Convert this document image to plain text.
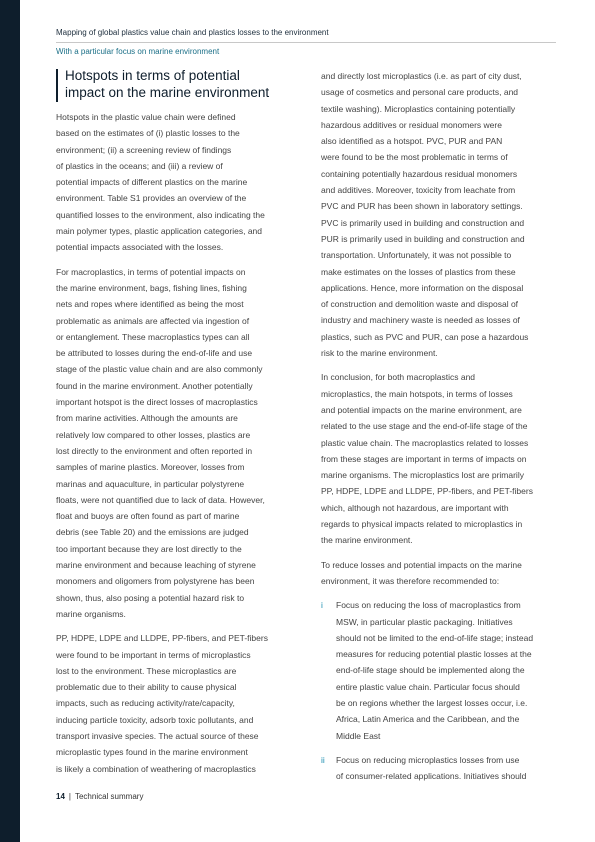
Mapping of global plastics value chain and plastics losses to the environment
With a particular focus on marine environment
Hotspots in terms of potential
impact on the marine environment
Hotspots in the plastic value chain were defined
based on the estimates of (i) plastic losses to the
environment; (ii) a screening review of findings
of plastics in the oceans; and (iii) a review of
potential impacts of different plastics on the marine
environment. Table S1 provides an overview of the
quantified losses to the environment, also indicating the
main polymer types, plastic application categories, and
potential impacts associated with the losses.
For macroplastics, in terms of potential impacts on
the marine environment, bags, fishing lines, fishing
nets and ropes where identified as being the most
problematic as animals are affected via ingestion of
or entanglement. These macroplastics types can all
be attributed to losses during the end-of-life and use
stage of the plastic value chain and are also commonly
found in the marine environment. Another potentially
important hotspot is the direct losses of macroplastics
from marine activities. Although the amounts are
relatively low compared to other losses, plastics are
lost directly to the environment and often reported in
samples of marine plastics. Moreover, losses from
marinas and aquaculture, in particular polystyrene
floats, were not quantified due to lack of data. However,
float and buoys are often found as part of marine
debris (see Table 20) and the emissions are judged
too important because they are lost directly to the
marine environment and because leaching of styrene
monomers and oligomers from polystyrene has been
shown, thus, also posing a potential hazard risk to
marine organisms.
PP, HDPE, LDPE and LLDPE, PP-fibers, and PET-fibers
were found to be important in terms of microplastics
lost to the environment. These microplastics are
problematic due to their ability to cause physical
impacts, such as reducing activity/rate/capacity,
inducing particle toxicity, adsorb toxic pollutants, and
transport invasive species. The actual source of these
microplastic types found in the marine environment
is likely a combination of weathering of macroplastics
and directly lost microplastics (i.e. as part of city dust,
usage of cosmetics and personal care products, and
textile washing). Microplastics containing potentially
hazardous additives or residual monomers were
also identified as a hotspot. PVC, PUR and PAN
were found to be the most problematic in terms of
containing potentially hazardous residual monomers
and additives. Moreover, toxicity from leachate from
PVC and PUR has been shown in laboratory settings.
PVC is primarily used in building and construction and
PUR is primarily used in building and construction and
transportation. Unfortunately, it was not possible to
make estimates on the losses of plastics from these
applications. Hence, more information on the disposal
of construction and demolition waste and disposal of
industry and machinery waste is needed as losses of
plastics, such as PVC and PUR, can pose a hazardous
risk to the marine environment.
In conclusion, for both macroplastics and
microplastics, the main hotspots, in terms of losses
and potential impacts on the marine environment, are
related to the use stage and the end-of-life stage of the
plastic value chain. The macroplastics related to losses
from these stages are important in terms of impacts on
marine organisms. The microplastics lost are primarily
PP, HDPE, LDPE and LLDPE, PP-fibers, and PET-fibers
which, although not hazardous, are important with
regards to physical impacts related to microplastics in
the marine environment.
To reduce losses and potential impacts on the marine
environment, it was therefore recommended to:
i Focus on reducing the loss of macroplastics from
MSW, in particular plastic packaging. Initiatives
should not be limited to the end-of-life stage; instead
measures for reducing potential plastic losses at the
end-of-life stage should be implemented along the
entire plastic value chain. Particular focus should
be on regions whether the largest losses occur, i.e.
Africa, Latin America and the Caribbean, and the
Middle East
ii Focus on reducing microplastics losses from use
of consumer-related applications. Initiatives should
14 | Technical summary
